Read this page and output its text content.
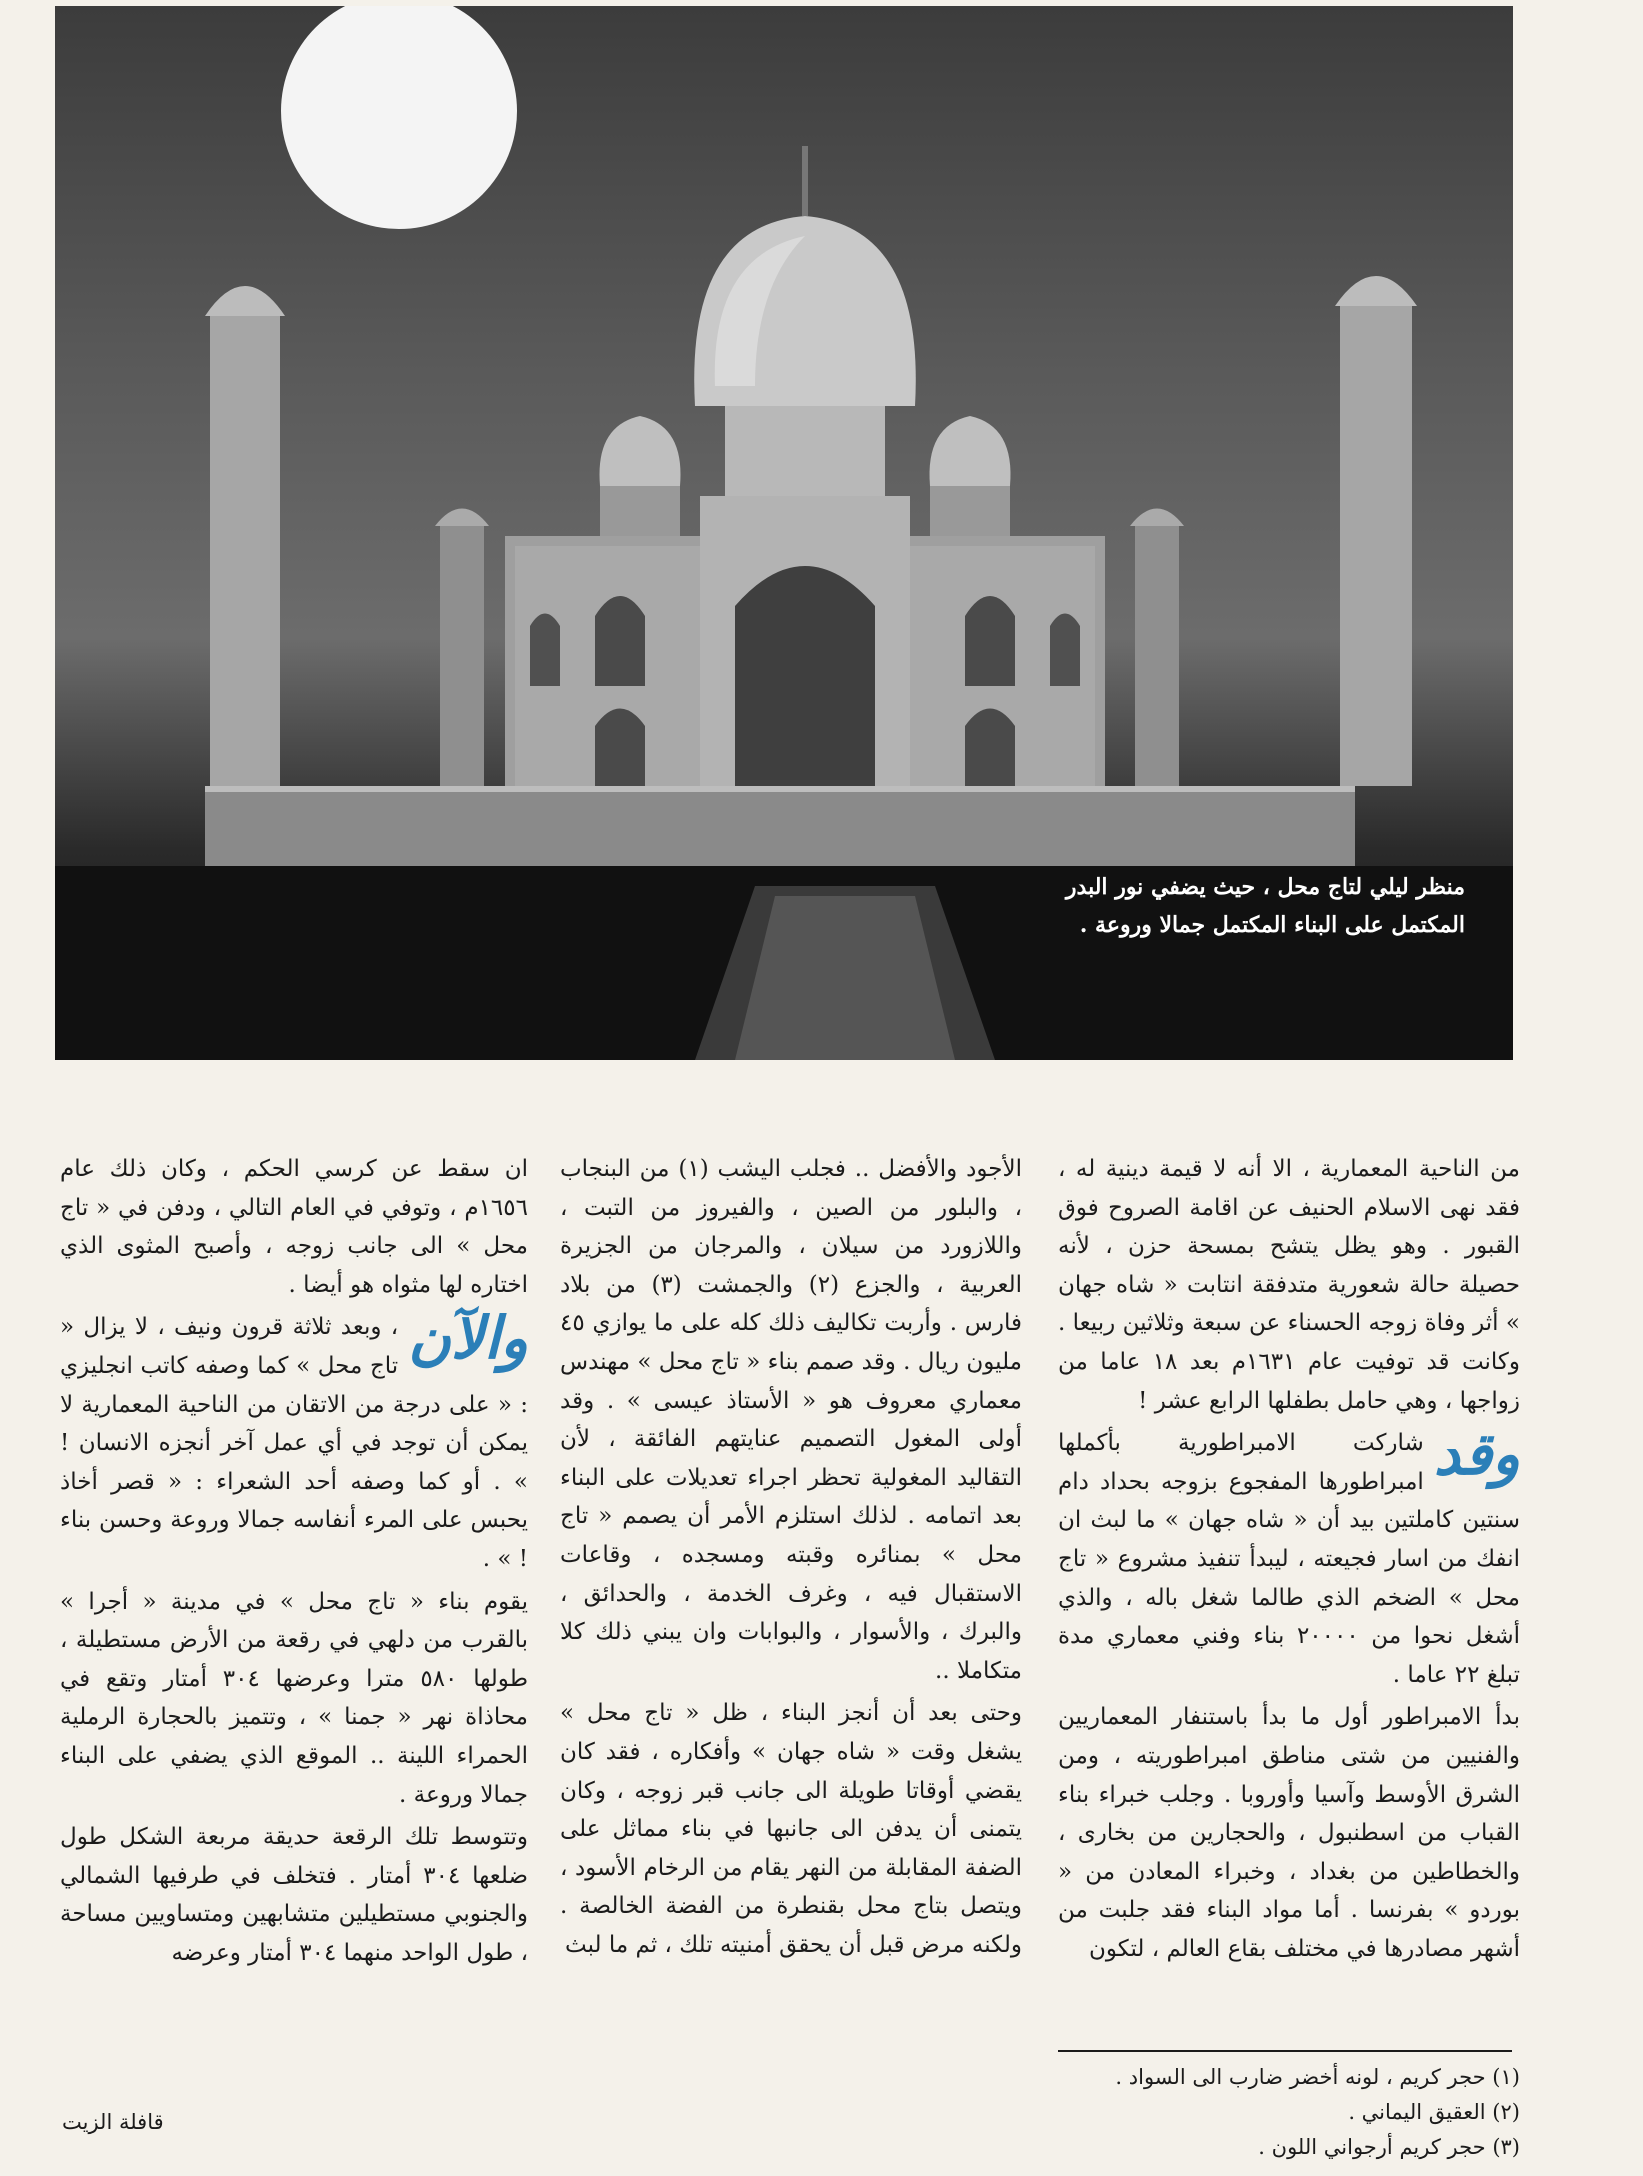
منظر ليلي لتاج محل ، حيث يضفي نور البدر
المكتمل على البناء المكتمل جمالا وروعة .

من الناحية المعمارية ، الا أنه لا قيمة دينية له ، فقد نهى الاسلام الحنيف عن اقامة الصروح فوق القبور . وهو يظل يتشح بمسحة حزن ، لأنه حصيلة حالة شعورية متدفقة انتابت « شاه جهان » أثر وفاة زوجه الحسناء عن سبعة وثلاثين ربيعا . وكانت قد توفيت عام ١٦٣١م بعد ١٨ عاما من زواجها ، وهي حامل بطفلها الرابع عشر !

وقد
شاركت الامبراطورية بأكملها امبراطورها المفجوع بزوجه بحداد دام سنتين كاملتين بيد أن « شاه جهان » ما لبث ان انفك من اسار فجيعته ، ليبدأ تنفيذ مشروع « تاج محل » الضخم الذي طالما شغل باله ، والذي أشغل نحوا من ٢٠٠٠٠ بناء وفني معماري مدة تبلغ ٢٢ عاما .

بدأ الامبراطور أول ما بدأ باستنفار المعماريين والفنيين من شتى مناطق امبراطوريته ، ومن الشرق الأوسط وآسيا وأوروبا . وجلب خبراء بناء القباب من اسطنبول ، والحجارين من بخارى ، والخطاطين من بغداد ، وخبراء المعادن من « بوردو » بفرنسا . أما مواد البناء فقد جلبت من أشهر مصادرها في مختلف بقاع العالم ، لتكون

الأجود والأفضل .. فجلب اليشب (١) من البنجاب ، والبلور من الصين ، والفيروز من التبت ، واللازورد من سيلان ، والمرجان من الجزيرة العربية ، والجزع (٢) والجمشت (٣) من بلاد فارس . وأربت تكاليف ذلك كله على ما يوازي ٤٥ مليون ريال . وقد صمم بناء « تاج محل » مهندس معماري معروف هو « الأستاذ عيسى » . وقد أولى المغول التصميم عنايتهم الفائقة ، لأن التقاليد المغولية تحظر اجراء تعديلات على البناء بعد اتمامه . لذلك استلزم الأمر أن يصمم « تاج محل » بمنائره وقبته ومسجده ، وقاعات الاستقبال فيه ، وغرف الخدمة ، والحدائق ، والبرك ، والأسوار ، والبوابات وان يبني ذلك كلا متكاملا ..

وحتى بعد أن أنجز البناء ، ظل « تاج محل » يشغل وقت « شاه جهان » وأفكاره ، فقد كان يقضي أوقاتا طويلة الى جانب قبر زوجه ، وكان يتمنى أن يدفن الى جانبها في بناء مماثل على الضفة المقابلة من النهر يقام من الرخام الأسود ، ويتصل بتاج محل بقنطرة من الفضة الخالصة . ولكنه مرض قبل أن يحقق أمنيته تلك ، ثم ما لبث

ان سقط عن كرسي الحكم ، وكان ذلك عام ١٦٥٦م ، وتوفي في العام التالي ، ودفن في « تاج محل » الى جانب زوجه ، وأصبح المثوى الذي اختاره لها مثواه هو أيضا .

والآن
، وبعد ثلاثة قرون ونيف ، لا يزال « تاج محل » كما وصفه كاتب انجليزي : « على درجة من الاتقان من الناحية المعمارية لا يمكن أن توجد في أي عمل آخر أنجزه الانسان ! » . أو كما وصفه أحد الشعراء : « قصر أخاذ يحبس على المرء أنفاسه جمالا وروعة وحسن بناء ! » .

يقوم بناء « تاج محل » في مدينة « أجرا » بالقرب من دلهي في رقعة من الأرض مستطيلة ، طولها ٥٨٠ مترا وعرضها ٣٠٤ أمتار وتقع في محاذاة نهر « جمنا » ، وتتميز بالحجارة الرملية الحمراء اللينة .. الموقع الذي يضفي على البناء جمالا وروعة .

وتتوسط تلك الرقعة حديقة مربعة الشكل طول ضلعها ٣٠٤ أمتار . فتخلف في طرفيها الشمالي والجنوبي مستطيلين متشابهين ومتساويين مساحة ، طول الواحد منهما ٣٠٤ أمتار وعرضه

(١) حجر كريم ، لونه أخضر ضارب الى السواد .
(٢) العقيق اليماني .
(٣) حجر كريم أرجواني اللون .
قافلة الزيت
